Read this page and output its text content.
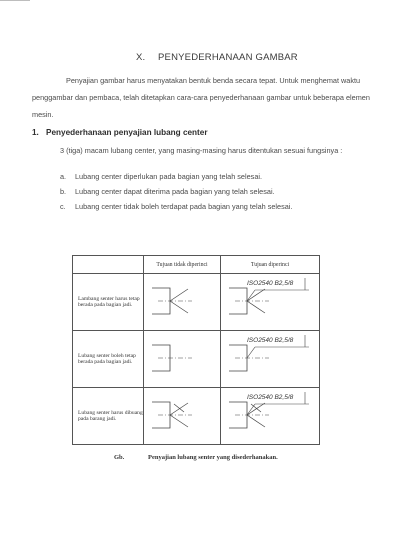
X. PENYEDERHANAAN GAMBAR

Penyajian gambar harus menyatakan bentuk benda secara tepat. Untuk menghemat waktu penggambar dan pembaca, telah ditetapkan cara-cara penyederhanaan gambar untuk beberapa elemen mesin.

1. Penyederhanaan penyajian lubang center
3 (tiga) macam lubang center, yang masing-masing harus ditentukan sesuai fungsinya :
a. Lubang center diperlukan pada bagian yang telah selesai.
b. Lubang center dapat diterima pada bagian yang telah selesai.
c. Lubang center tidak boleh terdapat pada bagian yang telah selesai.
	Tujuan tidak diperinci	Tujuan diperinci
Lambang senter harus tetap berada pada bagian jadi.		ISO2540 B2,5/8

Lubang senter boleh tetap berada pada bagian jadi.		ISO2540 B2,5/8

Lubang senter harus dibuang pada barang jadi.		ISO2540 B2,5/8
Gb.	Penyajian lubang senter yang disederhanakan.
